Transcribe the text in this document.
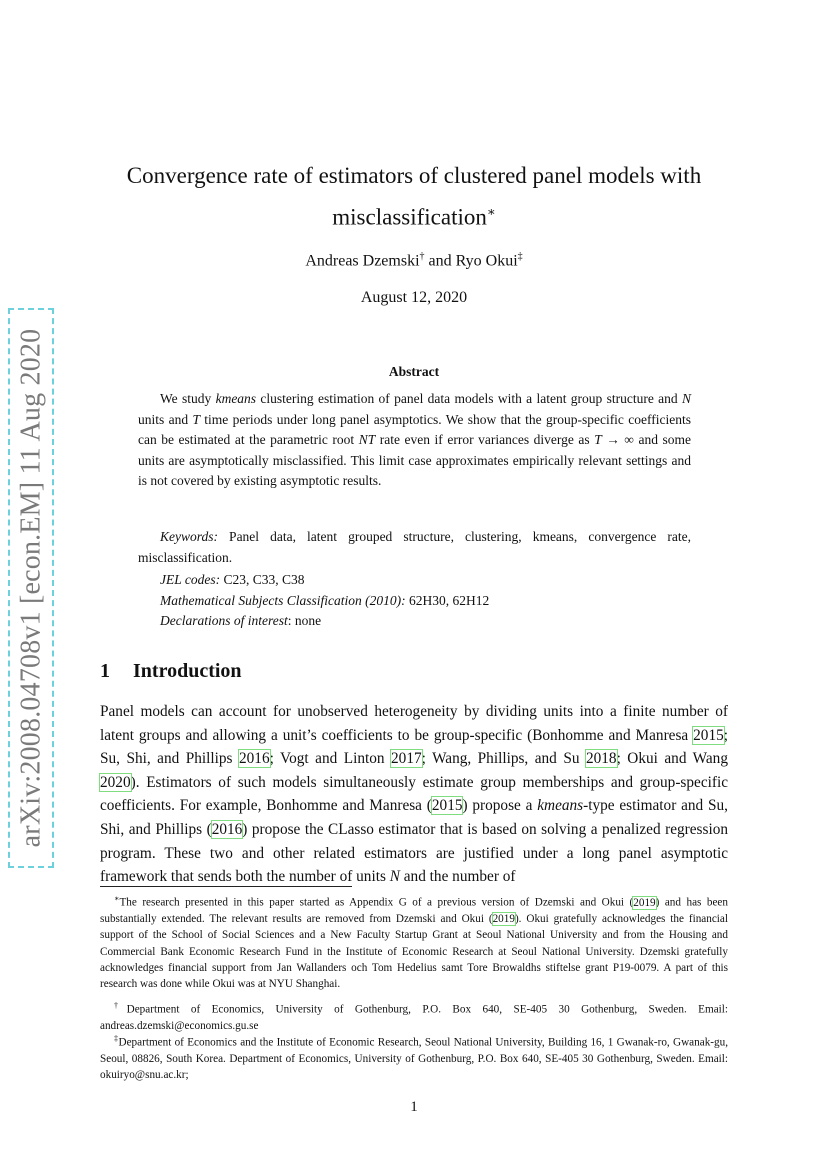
arXiv:2008.04708v1 [econ.EM] 11 Aug 2020
Convergence rate of estimators of clustered panel models with
misclassification∗
Andreas Dzemski† and Ryo Okui‡
August 12, 2020
Abstract

We study kmeans clustering estimation of panel data models with a latent group structure and N units and T time periods under long panel asymptotics. We show that the group-specific coefficients can be estimated at the parametric root NT rate even if error variances diverge as T → ∞ and some units are asymptotically misclassified. This limit case approximates empirically relevant settings and is not covered by existing asymptotic results.

Keywords: Panel data, latent grouped structure, clustering, kmeans, convergence rate, misclassification.

JEL codes: C23, C33, C38
Mathematical Subjects Classification (2010): 62H30, 62H12
Declarations of interest: none
1 Introduction

Panel models can account for unobserved heterogeneity by dividing units into a finite number of latent groups and allowing a unit’s coefficients to be group-specific (Bonhomme and Manresa 2015; Su, Shi, and Phillips 2016; Vogt and Linton 2017; Wang, Phillips, and Su 2018; Okui and Wang 2020). Estimators of such models simultaneously estimate group memberships and group-specific coefficients. For example, Bonhomme and Manresa (2015) propose a kmeans-type estimator and Su, Shi, and Phillips (2016) propose the CLasso estimator that is based on solving a penalized regression program. These two and other related estimators are justified under a long panel asymptotic framework that sends both the number of units N and the number of

∗The research presented in this paper started as Appendix G of a previous version of Dzemski and Okui (2019) and has been substantially extended. The relevant results are removed from Dzemski and Okui (2019). Okui gratefully acknowledges the financial support of the School of Social Sciences and a New Faculty Startup Grant at Seoul National University and from the Housing and Commercial Bank Economic Research Fund in the Institute of Economic Research at Seoul National University. Dzemski gratefully acknowledges financial support from Jan Wallanders och Tom Hedelius samt Tore Browaldhs stiftelse grant P19-0079. A part of this research was done while Okui was at NYU Shanghai.

†Department of Economics, University of Gothenburg, P.O. Box 640, SE-405 30 Gothenburg, Sweden. Email: andreas.dzemski@economics.gu.se

‡Department of Economics and the Institute of Economic Research, Seoul National University, Building 16, 1 Gwanak-ro, Gwanak-gu, Seoul, 08826, South Korea. Department of Economics, University of Gothenburg, P.O. Box 640, SE-405 30 Gothenburg, Sweden. Email: okuiryo@snu.ac.kr;

1
